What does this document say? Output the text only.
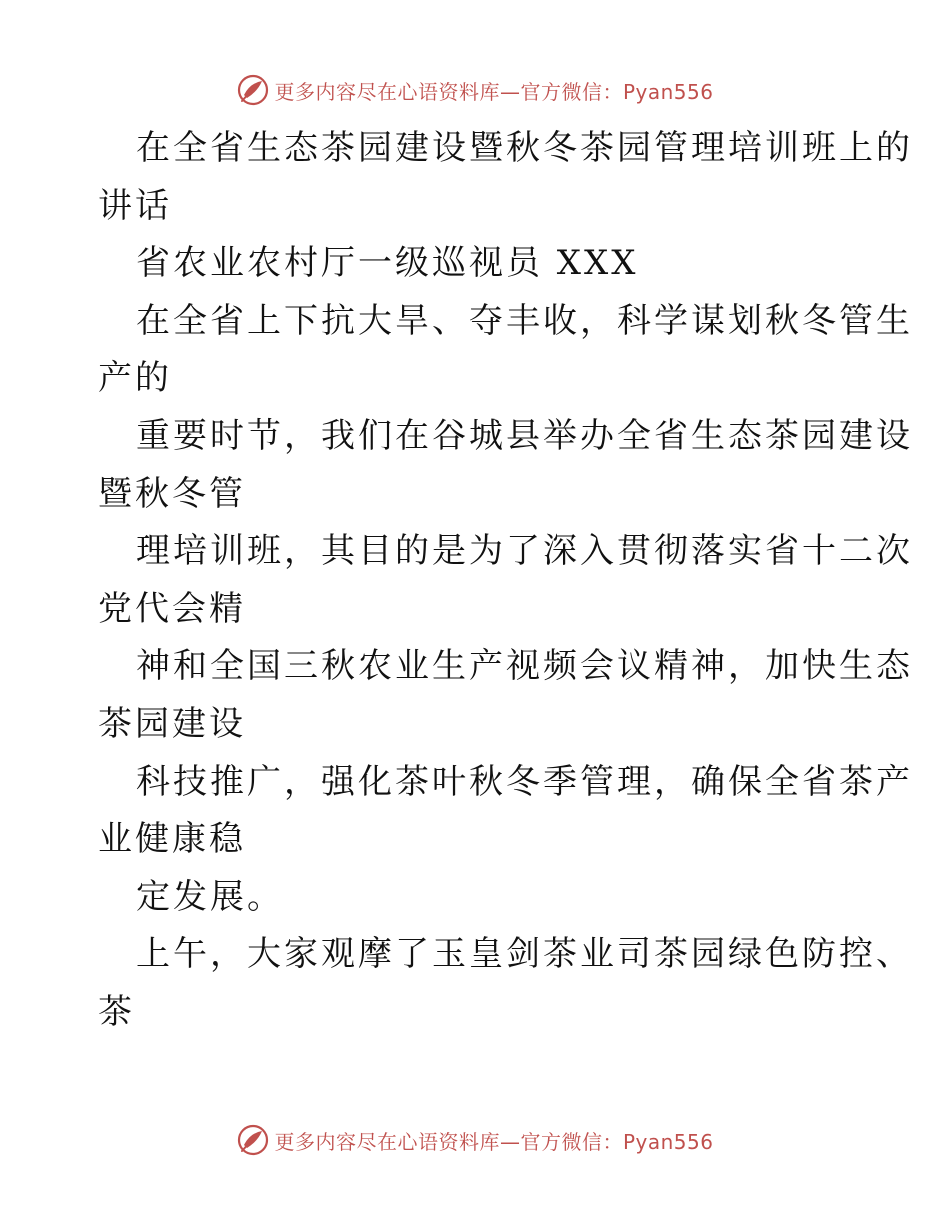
更多内容尽在心语资料库—官方微信：Pyan556
在全省生态茶园建设暨秋冬茶园管理培训班上的
讲话
省农业农村厅一级巡视员 XXX
在全省上下抗大旱、夺丰收，科学谋划秋冬管生
产的
重要时节，我们在谷城县举办全省生态茶园建设
暨秋冬管
理培训班，其目的是为了深入贯彻落实省十二次
党代会精
神和全国三秋农业生产视频会议精神，加快生态
茶园建设
科技推广，强化茶叶秋冬季管理，确保全省茶产
业健康稳
定发展。
上午，大家观摩了玉皇剑茶业司茶园绿色防控、
茶
更多内容尽在心语资料库—官方微信：Pyan556
